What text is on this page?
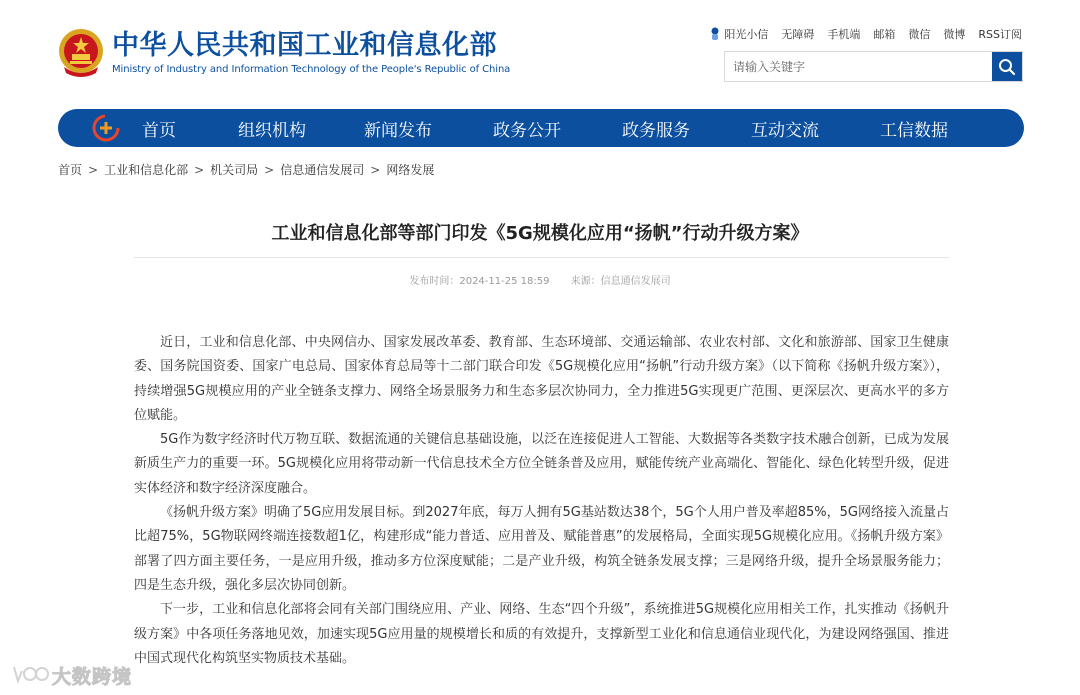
中华人民共和国工业和信息化部
Ministry of Industry and Information Technology of the People's Republic of China
阳光小信 无障碍 手机端 邮箱 微信 微博 RSS订阅
请输入关键字
首页	组织机构	新闻发布	政务公开	政务服务	互动交流	工信数据
首页 > 工业和信息化部 > 机关司局 > 信息通信发展司 > 网络发展
工业和信息化部等部门印发《5G规模化应用“扬帆”行动升级方案》
发布时间：2024-11-25 18:59 来源：信息通信发展司

近日，工业和信息化部、中央网信办、国家发展改革委、教育部、生态环境部、交通运输部、农业农村部、文化和旅游部、国家卫生健康委、国务院国资委、国家广电总局、国家体育总局等十二部门联合印发《5G规模化应用“扬帆”行动升级方案》（以下简称《扬帆升级方案》），持续增强5G规模应用的产业全链条支撑力、网络全场景服务力和生态多层次协同力，全力推进5G实现更广范围、更深层次、更高水平的多方位赋能。

5G作为数字经济时代万物互联、数据流通的关键信息基础设施，以泛在连接促进人工智能、大数据等各类数字技术融合创新，已成为发展新质生产力的重要一环。5G规模化应用将带动新一代信息技术全方位全链条普及应用，赋能传统产业高端化、智能化、绿色化转型升级，促进实体经济和数字经济深度融合。

《扬帆升级方案》明确了5G应用发展目标。到2027年底，每万人拥有5G基站数达38个，5G个人用户普及率超85%，5G网络接入流量占比超75%，5G物联网终端连接数超1亿，构建形成“能力普适、应用普及、赋能普惠”的发展格局，全面实现5G规模化应用。《扬帆升级方案》部署了四方面主要任务，一是应用升级，推动多方位深度赋能；二是产业升级，构筑全链条发展支撑；三是网络升级，提升全场景服务能力；四是生态升级，强化多层次协同创新。

下一步，工业和信息化部将会同有关部门围绕应用、产业、网络、生态“四个升级”，系统推进5G规模化应用相关工作，扎实推动《扬帆升级方案》中各项任务落地见效，加速实现5G应用量的规模增长和质的有效提升，支撑新型工业化和信息通信业现代化，为建设网络强国、推进中国式现代化构筑坚实物质技术基础。

大数跨境
